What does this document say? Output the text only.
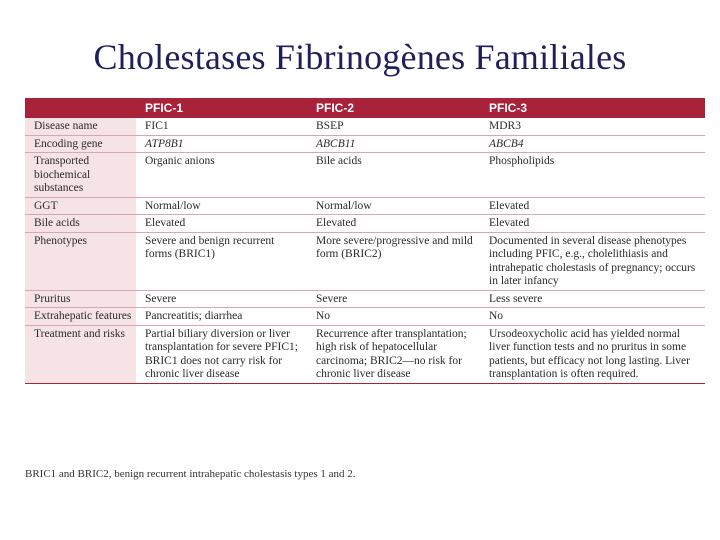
Cholestases Fibrinogènes Familiales
	PFIC-1	PFIC-2	PFIC-3
Disease name	FIC1	BSEP	MDR3
Encoding gene	ATP8B1	ABCB11	ABCB4
Transported biochemical substances	Organic anions	Bile acids	Phospholipids
GGT	Normal/low	Normal/low	Elevated
Bile acids	Elevated	Elevated	Elevated
Phenotypes	Severe and benign recurrent forms (BRIC1)	More severe/progressive and mild form (BRIC2)	Documented in several disease phenotypes including PFIC, e.g., cholelithiasis and intrahepatic cholestasis of pregnancy; occurs in later infancy
Pruritus	Severe	Severe	Less severe
Extrahepatic features	Pancreatitis; diarrhea	No	No
Treatment and risks	Partial biliary diversion or liver transplantation for severe PFIC1; BRIC1 does not carry risk for chronic liver disease	Recurrence after transplantation; high risk of hepatocellular carcinoma; BRIC2—no risk for chronic liver disease	Ursodeoxycholic acid has yielded normal liver function tests and no pruritus in some patients, but efficacy not long lasting. Liver transplantation is often required.
BRIC1 and BRIC2, benign recurrent intrahepatic cholestasis types 1 and 2.
